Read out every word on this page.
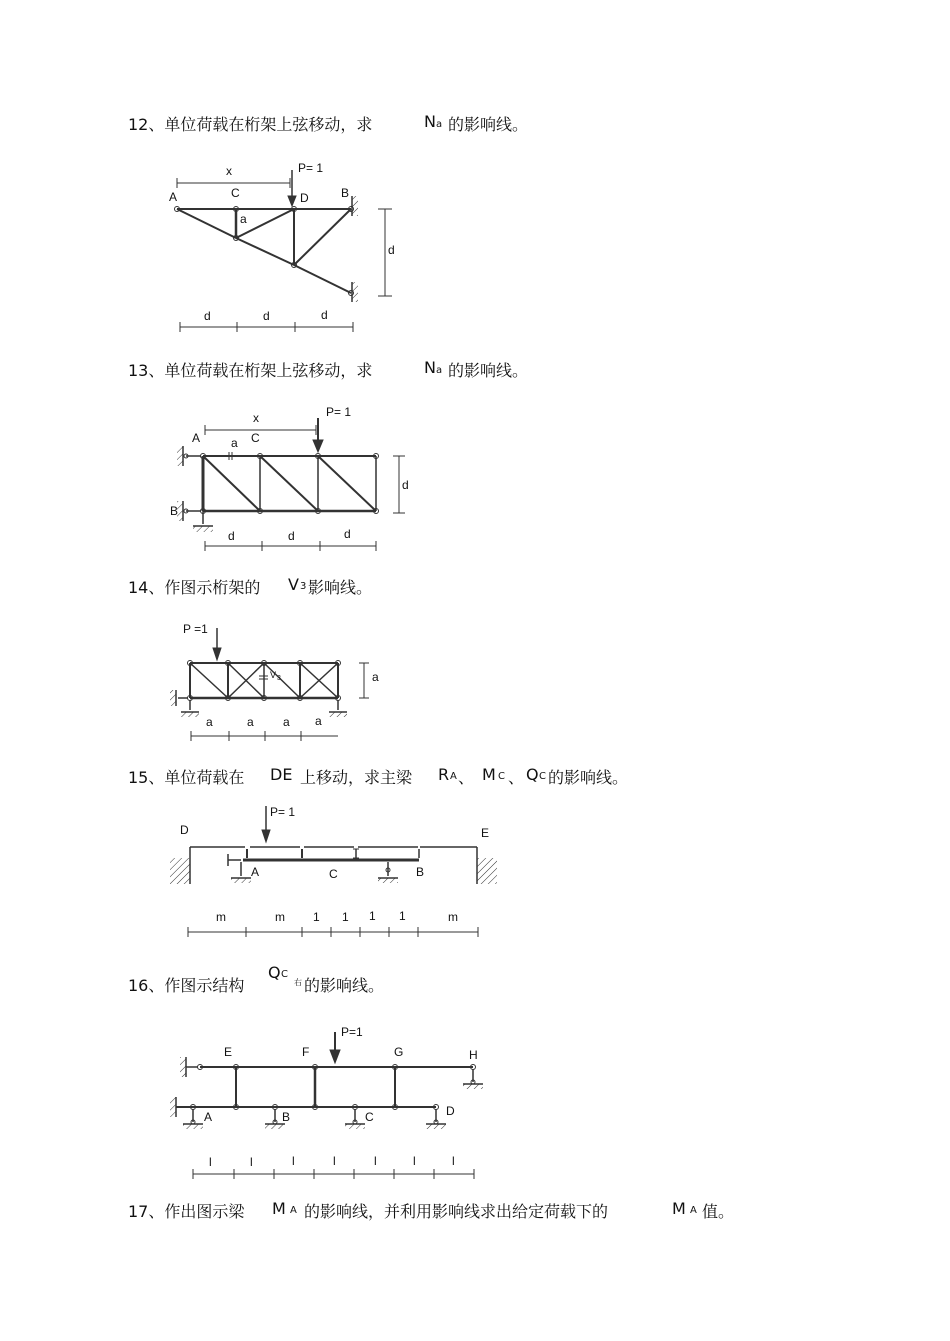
12、单位荷载在桁架上弦移动，求	N a 的影响线。
13、单位荷载在桁架上弦移动，求	N a 的影响线。
14、作图示桁架的 V 3 影响线。
15、单位荷载在 DE 上移动，求主梁 R A 、 M C 、 Q C 的影响线。
16、作图示结构
Q C
右 的影响线。
17、作出图示梁 M A 的影响线，并利用影响线求出给定荷载下的	M A 值。
P= 1
x
A	C	D	B
a
d
d	d	d
P= 1
x
A	a C
B
d
d	d	d
P =1
V 3	a
a	a a a
P= 1
D	E
A	C	B
m	m 1 1 1 1	m
P=1
E	F	G	H
A	B	C	D
l	l	l	l	l	l	l
